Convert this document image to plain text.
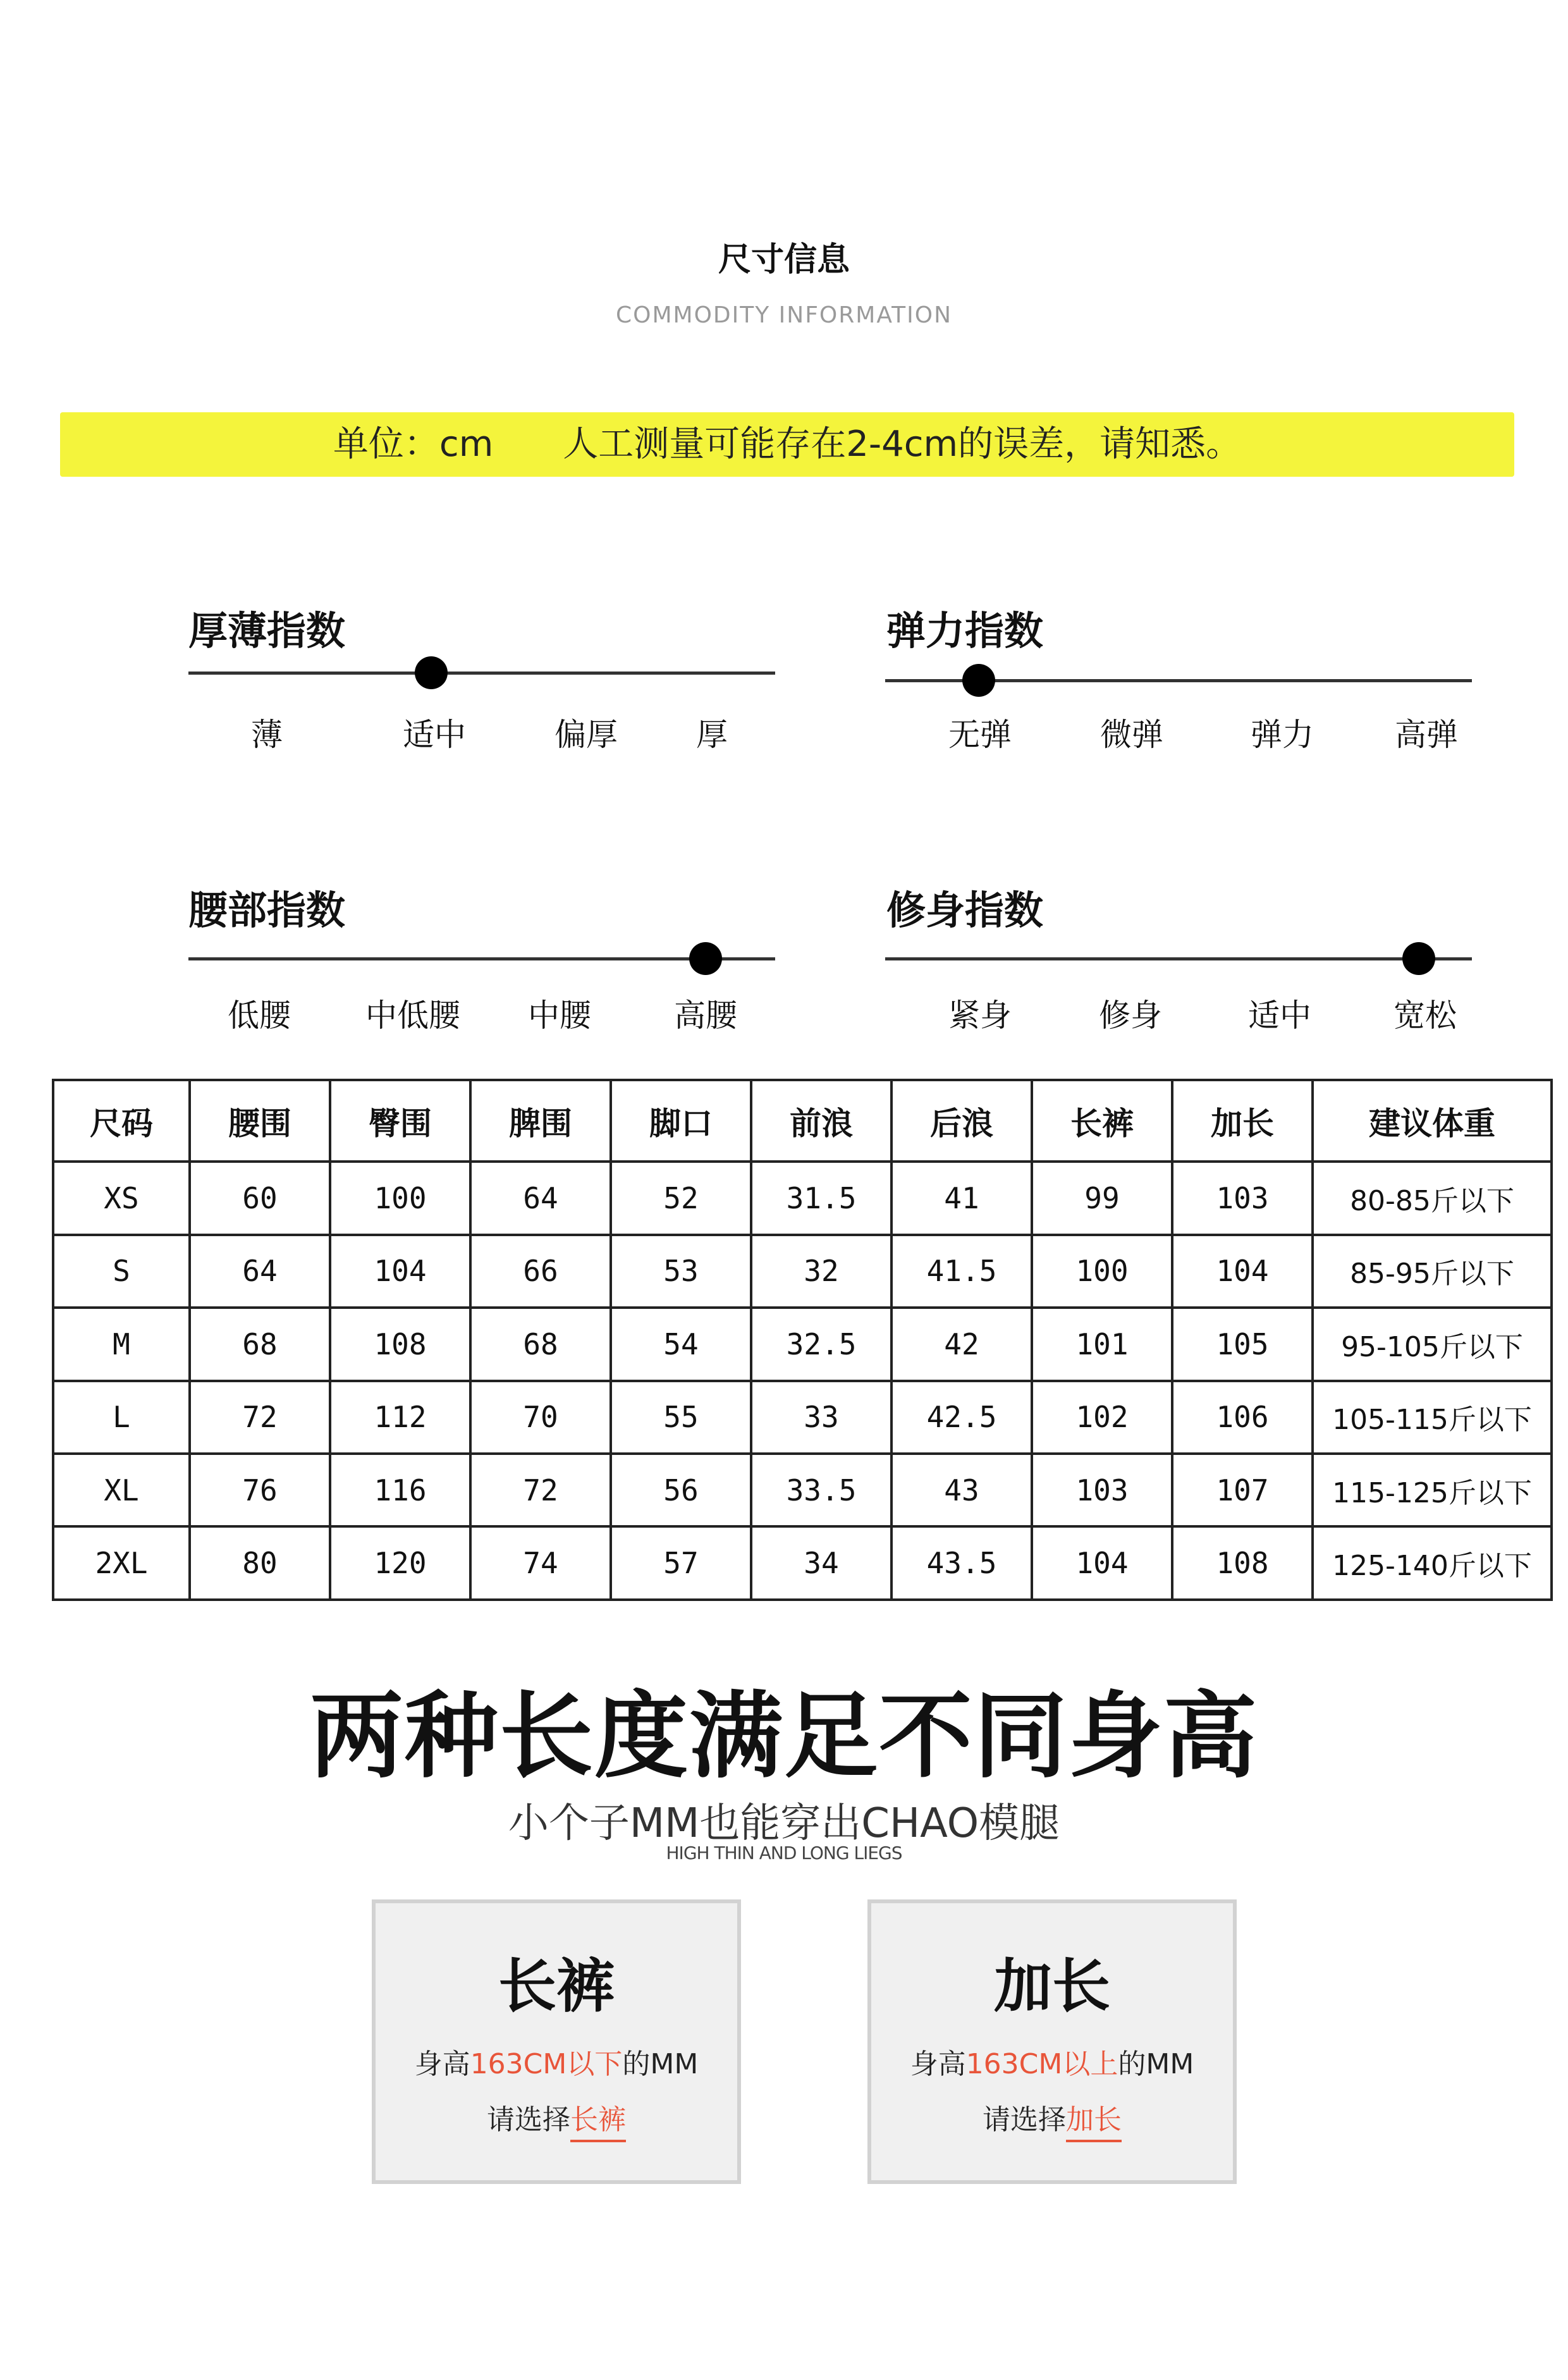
尺寸信息
COMMODITY INFORMATION
单位：cm 人工测量可能存在2-4cm的误差，请知悉。
厚薄指数
薄	适中	偏厚	厚
弹力指数
无弹	微弹	弹力	高弹
腰部指数
低腰	中低腰	中腰	高腰
修身指数
紧身	修身	适中	宽松
尺码	腰围	臀围	脾围	脚口	前浪	后浪	长裤	加长	建议体重
XS	60	100	64	52	31.5	41	99	103	80-85斤以下
S	64	104	66	53	32	41.5	100	104	85-95斤以下
M	68	108	68	54	32.5	42	101	105	95-105斤以下
L	72	112	70	55	33	42.5	102	106	105-115斤以下
XL	76	116	72	56	33.5	43	103	107	115-125斤以下
2XL	80	120	74	57	34	43.5	104	108	125-140斤以下
两种长度满足不同身高
小个子MM也能穿出CHAO模腿
HIGH THIN AND LONG LIEGS
长裤
身高163CM以下的MM
请选择长裤
加长
身高163CM以上的MM
请选择加长
